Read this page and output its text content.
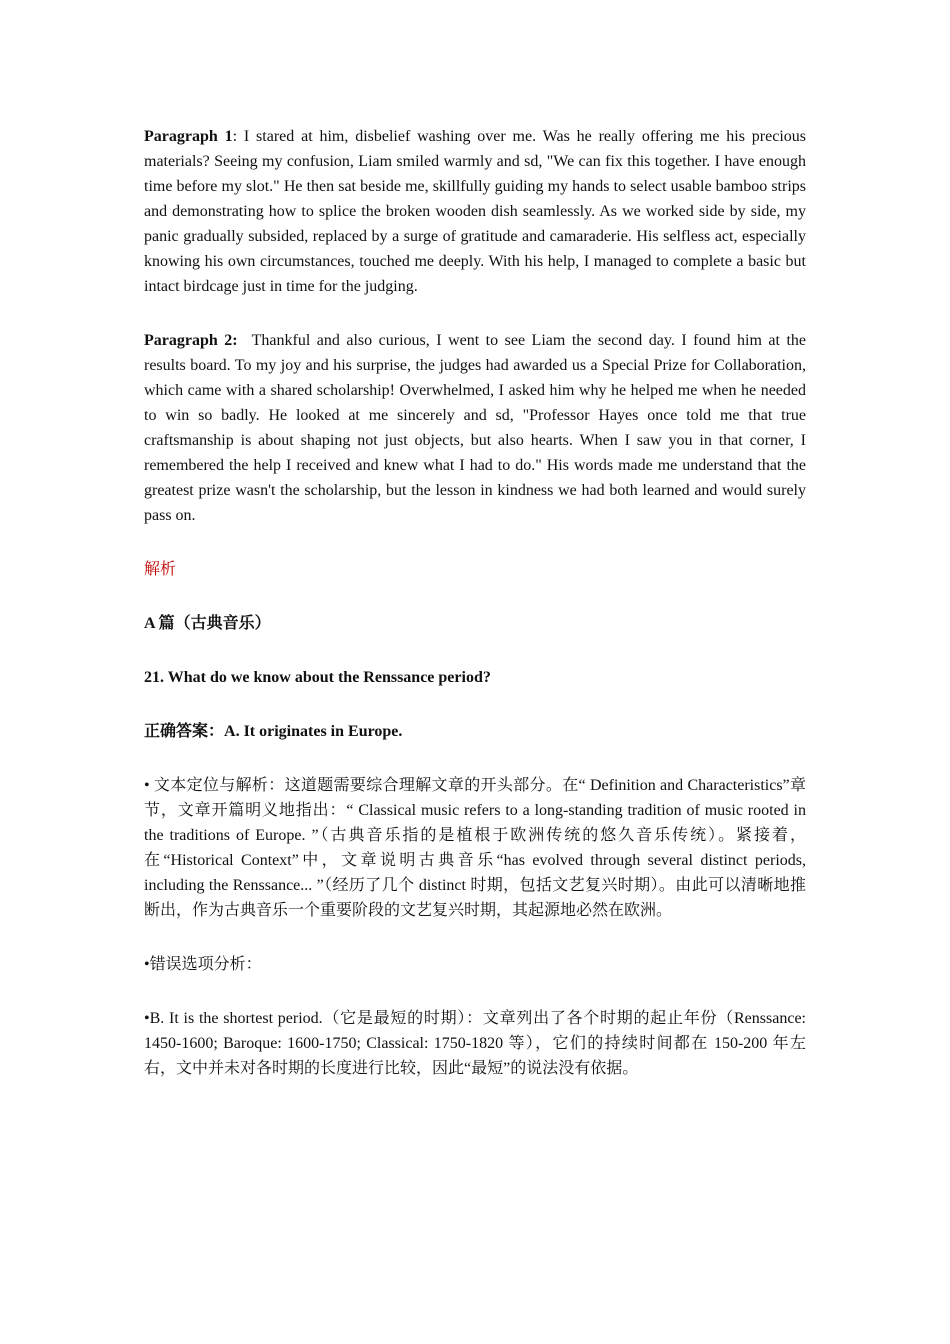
Paragraph 1: I stared at him, disbelief washing over me. Was he really offering me his precious materials? Seeing my confusion, Liam smiled warmly and sd, "We can fix this together. I have enough time before my slot." He then sat beside me, skillfully guiding my hands to select usable bamboo strips and demonstrating how to splice the broken wooden dish seamlessly. As we worked side by side, my panic gradually subsided, replaced by a surge of gratitude and camaraderie. His selfless act, especially knowing his own circumstances, touched me deeply. With his help, I managed to complete a basic but intact birdcage just in time for the judging.

Paragraph 2: Thankful and also curious, I went to see Liam the second day. I found him at the results board. To my joy and his surprise, the judges had awarded us a Special Prize for Collaboration, which came with a shared scholarship! Overwhelmed, I asked him why he helped me when he needed to win so badly. He looked at me sincerely and sd, "Professor Hayes once told me that true craftsmanship is about shaping not just objects, but also hearts. When I saw you in that corner, I remembered the help I received and knew what I had to do." His words made me understand that the greatest prize wasn't the scholarship, but the lesson in kindness we had both learned and would surely pass on.

解析

A 篇（古典音乐）

21. What do we know about the Renssance period?

正确答案：A. It originates in Europe.

• 文本定位与解析：这道题需要综合理解文章的开头部分。在“ Definition and Characteristics”章节，文章开篇明义地指出：“ Classical music refers to a long-standing tradition of music rooted in the traditions of Europe. ”（古典音乐指的是植根于欧洲传统的悠久音乐传统）。紧接着，在“Historical Context”中，文章说明古典音乐“has evolved through several distinct periods, including the Renssance... ”（经历了几个 distinct 时期，包括文艺复兴时期）。由此可以清晰地推断出，作为古典音乐一个重要阶段的文艺复兴时期，其起源地必然在欧洲。

•错误选项分析：

•B. It is the shortest period.（它是最短的时期）：文章列出了各个时期的起止年份（Renssance: 1450-1600; Baroque: 1600-1750; Classical: 1750-1820 等），它们的持续时间都在 150-200 年左右，文中并未对各时期的长度进行比较，因此“最短”的说法没有依据。
